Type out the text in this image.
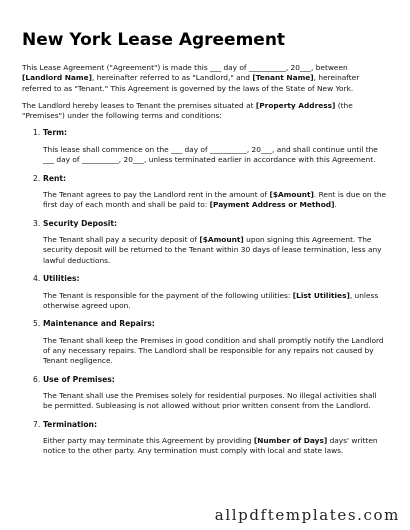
New York Lease Agreement

This Lease Agreement ("Agreement") is made this ___ day of __________, 20___, between [Landlord Name], hereinafter referred to as "Landlord," and [Tenant Name], hereinafter referred to as "Tenant." This Agreement is governed by the laws of the State of New York.

The Landlord hereby leases to Tenant the premises situated at [Property Address] (the "Premises") under the following terms and conditions:

1. Term:

This lease shall commence on the ___ day of __________, 20___, and shall continue until the ___ day of __________, 20___, unless terminated earlier in accordance with this Agreement.

2. Rent:

The Tenant agrees to pay the Landlord rent in the amount of [$Amount]. Rent is due on the first day of each month and shall be paid to: [Payment Address or Method].

3. Security Deposit:

The Tenant shall pay a security deposit of [$Amount] upon signing this Agreement. The security deposit will be returned to the Tenant within 30 days of lease termination, less any lawful deductions.

4. Utilities:

The Tenant is responsible for the payment of the following utilities: [List Utilities], unless otherwise agreed upon.

5. Maintenance and Repairs:

The Tenant shall keep the Premises in good condition and shall promptly notify the Landlord of any necessary repairs. The Landlord shall be responsible for any repairs not caused by Tenant negligence.

6. Use of Premises:

The Tenant shall use the Premises solely for residential purposes. No illegal activities shall be permitted. Subleasing is not allowed without prior written consent from the Landlord.

7. Termination:

Either party may terminate this Agreement by providing [Number of Days] days' written notice to the other party. Any termination must comply with local and state laws.

allpdftemplates.com
